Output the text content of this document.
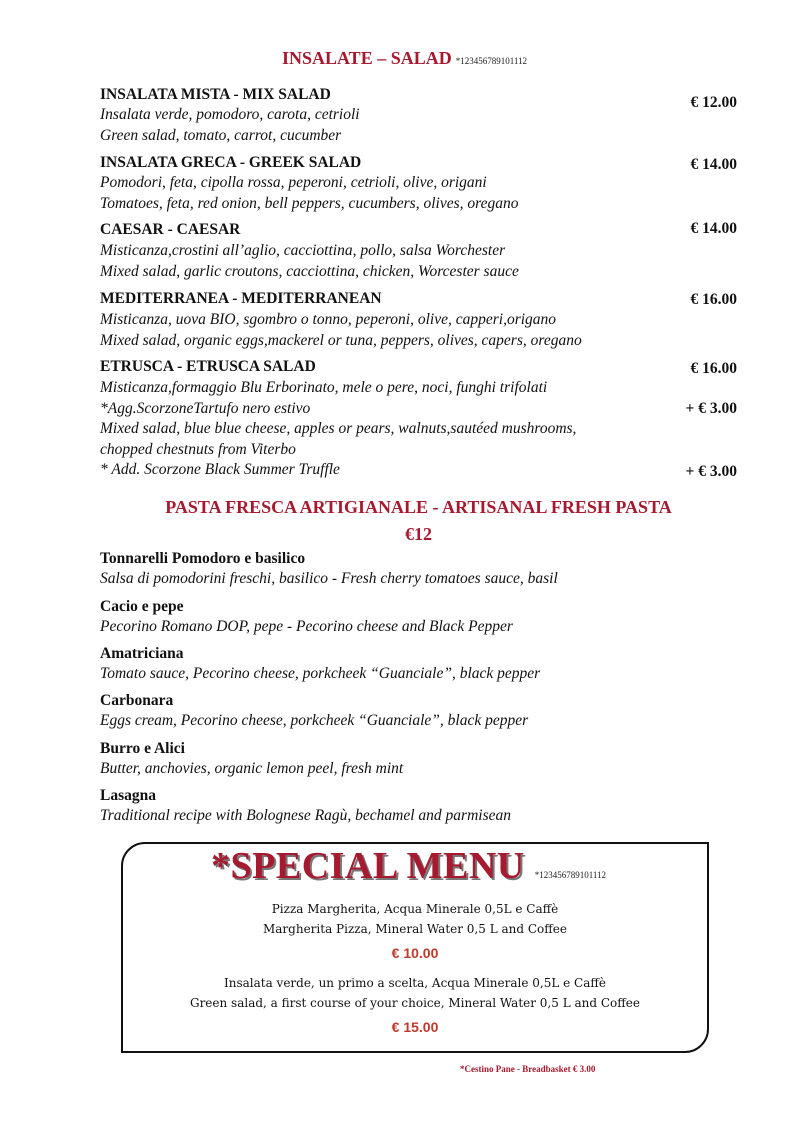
INSALATE – SALAD *123456789101112
INSALATA MISTA - MIX SALAD	€ 12.00
Insalata verde, pomodoro, carota, cetrioli
Green salad, tomato, carrot, cucumber
INSALATA GRECA - GREEK SALAD	€ 14.00
Pomodori, feta, cipolla rossa, peperoni, cetrioli, olive, origani
Tomatoes, feta, red onion, bell peppers, cucumbers, olives, oregano
CAESAR - CAESAR	€ 14.00
Misticanza,crostini all’aglio, cacciottina, pollo, salsa Worchester
Mixed salad, garlic croutons, cacciottina, chicken, Worcester sauce
MEDITERRANEA - MEDITERRANEAN	€ 16.00
Misticanza, uova BIO, sgombro o tonno, peperoni, olive, capperi,origano
Mixed salad, organic eggs,mackerel or tuna, peppers, olives, capers, oregano
ETRUSCA - ETRUSCA SALAD	€ 16.00
Misticanza,formaggio Blu Erborinato, mele o pere, noci, funghi trifolati
*Agg.ScorzoneTartufo nero estivo	+ € 3.00
Mixed salad, blue blue cheese, apples or pears, walnuts,sautéed mushrooms,
chopped chestnuts from Viterbo
* Add. Scorzone Black Summer Truffle	+ € 3.00
PASTA FRESCA ARTIGIANALE - ARTISANAL FRESH PASTA
€12
Tonnarelli Pomodoro e basilico
Salsa di pomodorini freschi, basilico - Fresh cherry tomatoes sauce, basil
Cacio e pepe
Pecorino Romano DOP, pepe - Pecorino cheese and Black Pepper
Amatriciana
Tomato sauce, Pecorino cheese, porkcheek “Guanciale”, black pepper
Carbonara
Eggs cream, Pecorino cheese, porkcheek “Guanciale”, black pepper
Burro e Alici
Butter, anchovies, organic lemon peel, fresh mint
Lasagna
Traditional recipe with Bolognese Ragù, bechamel and parmisean
*SPECIAL MENU *123456789101112
Pizza Margherita, Acqua Minerale 0,5L e Caffè
Margherita Pizza, Mineral Water 0,5 L and Coffee
€ 10.00
Insalata verde, un primo a scelta, Acqua Minerale 0,5L e Caffè
Green salad, a first course of your choice, Mineral Water 0,5 L and Coffee
€ 15.00
*Cestino Pane - Breadbasket € 3.00
